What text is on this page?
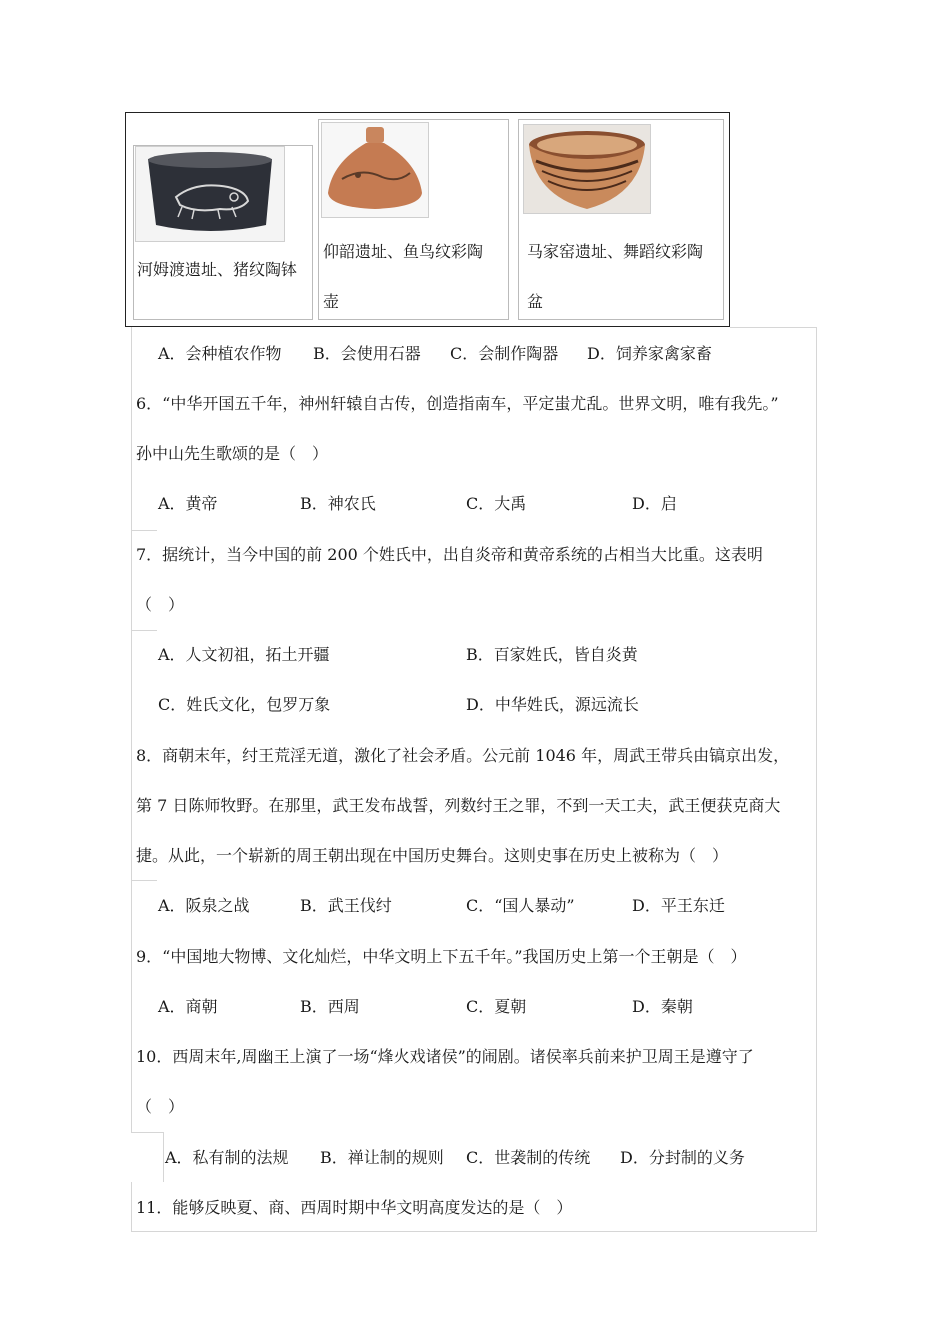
河姆渡遗址、猪纹陶钵
仰韶遗址、鱼鸟纹彩陶
壶
马家窑遗址、舞蹈纹彩陶
盆
A．会种植农作物 B．会使用石器 C．会制作陶器 D．饲养家禽家畜
6．“中华开国五千年，神州轩辕自古传，创造指南车，平定蚩尤乱。世界文明，唯有我先。”
孙中山先生歌颂的是（　）
A．黄帝	B．神农氏	C．大禹	D．启
7．据统计，当今中国的前 200 个姓氏中，出自炎帝和黄帝系统的占相当大比重。这表明
（　）
A．人文初祖，拓土开疆	B．百家姓氏，皆自炎黄
C．姓氏文化，包罗万象	D．中华姓氏，源远流长
8．商朝末年，纣王荒淫无道，激化了社会矛盾。公元前 1046 年，周武王带兵由镐京出发，
第 7 日陈师牧野。在那里，武王发布战誓，列数纣王之罪，不到一天工夫，武王便获克商大
捷。从此，一个崭新的周王朝出现在中国历史舞台。这则史事在历史上被称为（　）
A．阪泉之战	B．武王伐纣	C．“国人暴动”	D．平王东迁
9．“中国地大物博、文化灿烂，中华文明上下五千年。”我国历史上第一个王朝是（　）
A．商朝	B．西周	C．夏朝	D．秦朝
10．西周末年,周幽王上演了一场“烽火戏诸侯”的闹剧。诸侯率兵前来护卫周王是遵守了
（　）
A．私有制的法规 B．禅让制的规则 C．世袭制的传统 D．分封制的义务
11．能够反映夏、商、西周时期中华文明高度发达的是（　）
